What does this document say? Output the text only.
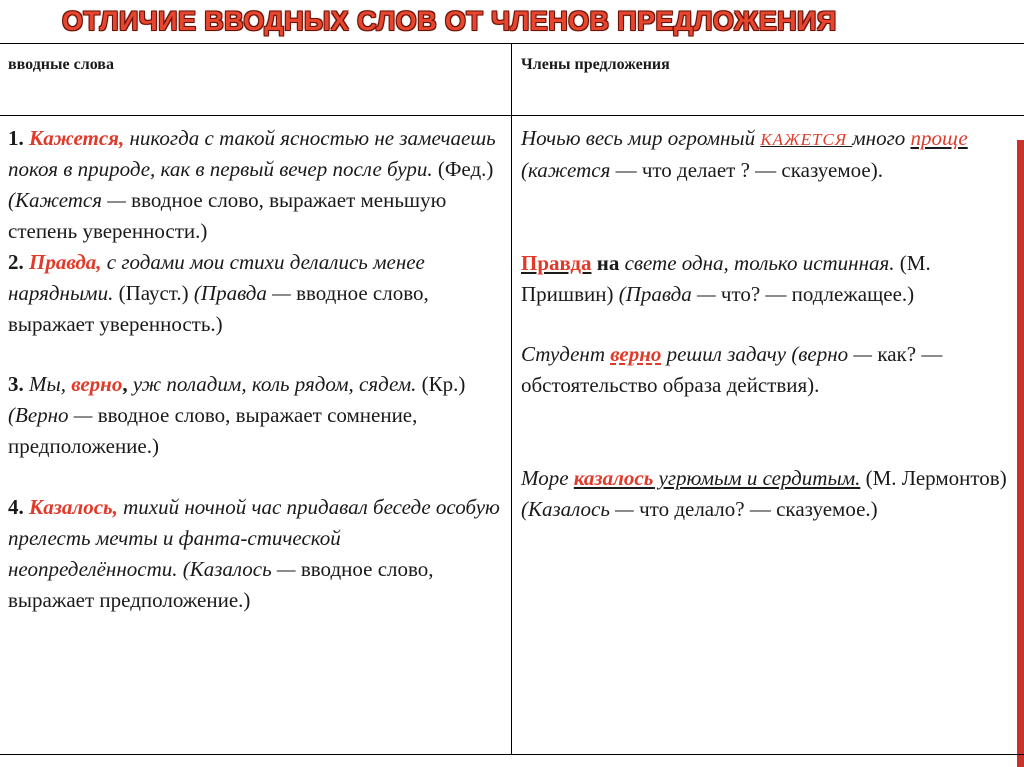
ОТЛИЧИЕ ВВОДНЫХ СЛОВ ОТ ЧЛЕНОВ ПРЕДЛОЖЕНИЯ
вводные слова	Члены предложения

1. Кажется, никогда с такой ясностью не замечаешь покоя в природе, как в первый вечер после бури. (Фед.) (Кажется — вводное слово, выражает меньшую степень уверенности.)

2. Правда, с годами мои стихи делались менее нарядными. (Пауст.) (Правда — вводное слово, выражает уверенность.)

3. Мы, верно, уж поладим, коль рядом, сядем. (Кр.) (Верно — вводное слово, выражает сомнение, предположение.)

4. Казалось, тихий ночной час придавал беседе особую прелесть мечты и фанта-стической неопределённости. (Казалось — вводное слово, выражает предположение.)

Ночью весь мир огромный КАЖЕТСЯ много проще (кажется — что делает ? — сказуемое).

Правда на свете одна, только истинная. (М. Пришвин) (Правда — что? — подлежащее.)

Студент верно решил задачу (верно — как? — обстоятельство образа действия).

Море казалось угрюмым и сердитым. (М. Лермонтов) (Казалось — что делало? — сказуемое.)
